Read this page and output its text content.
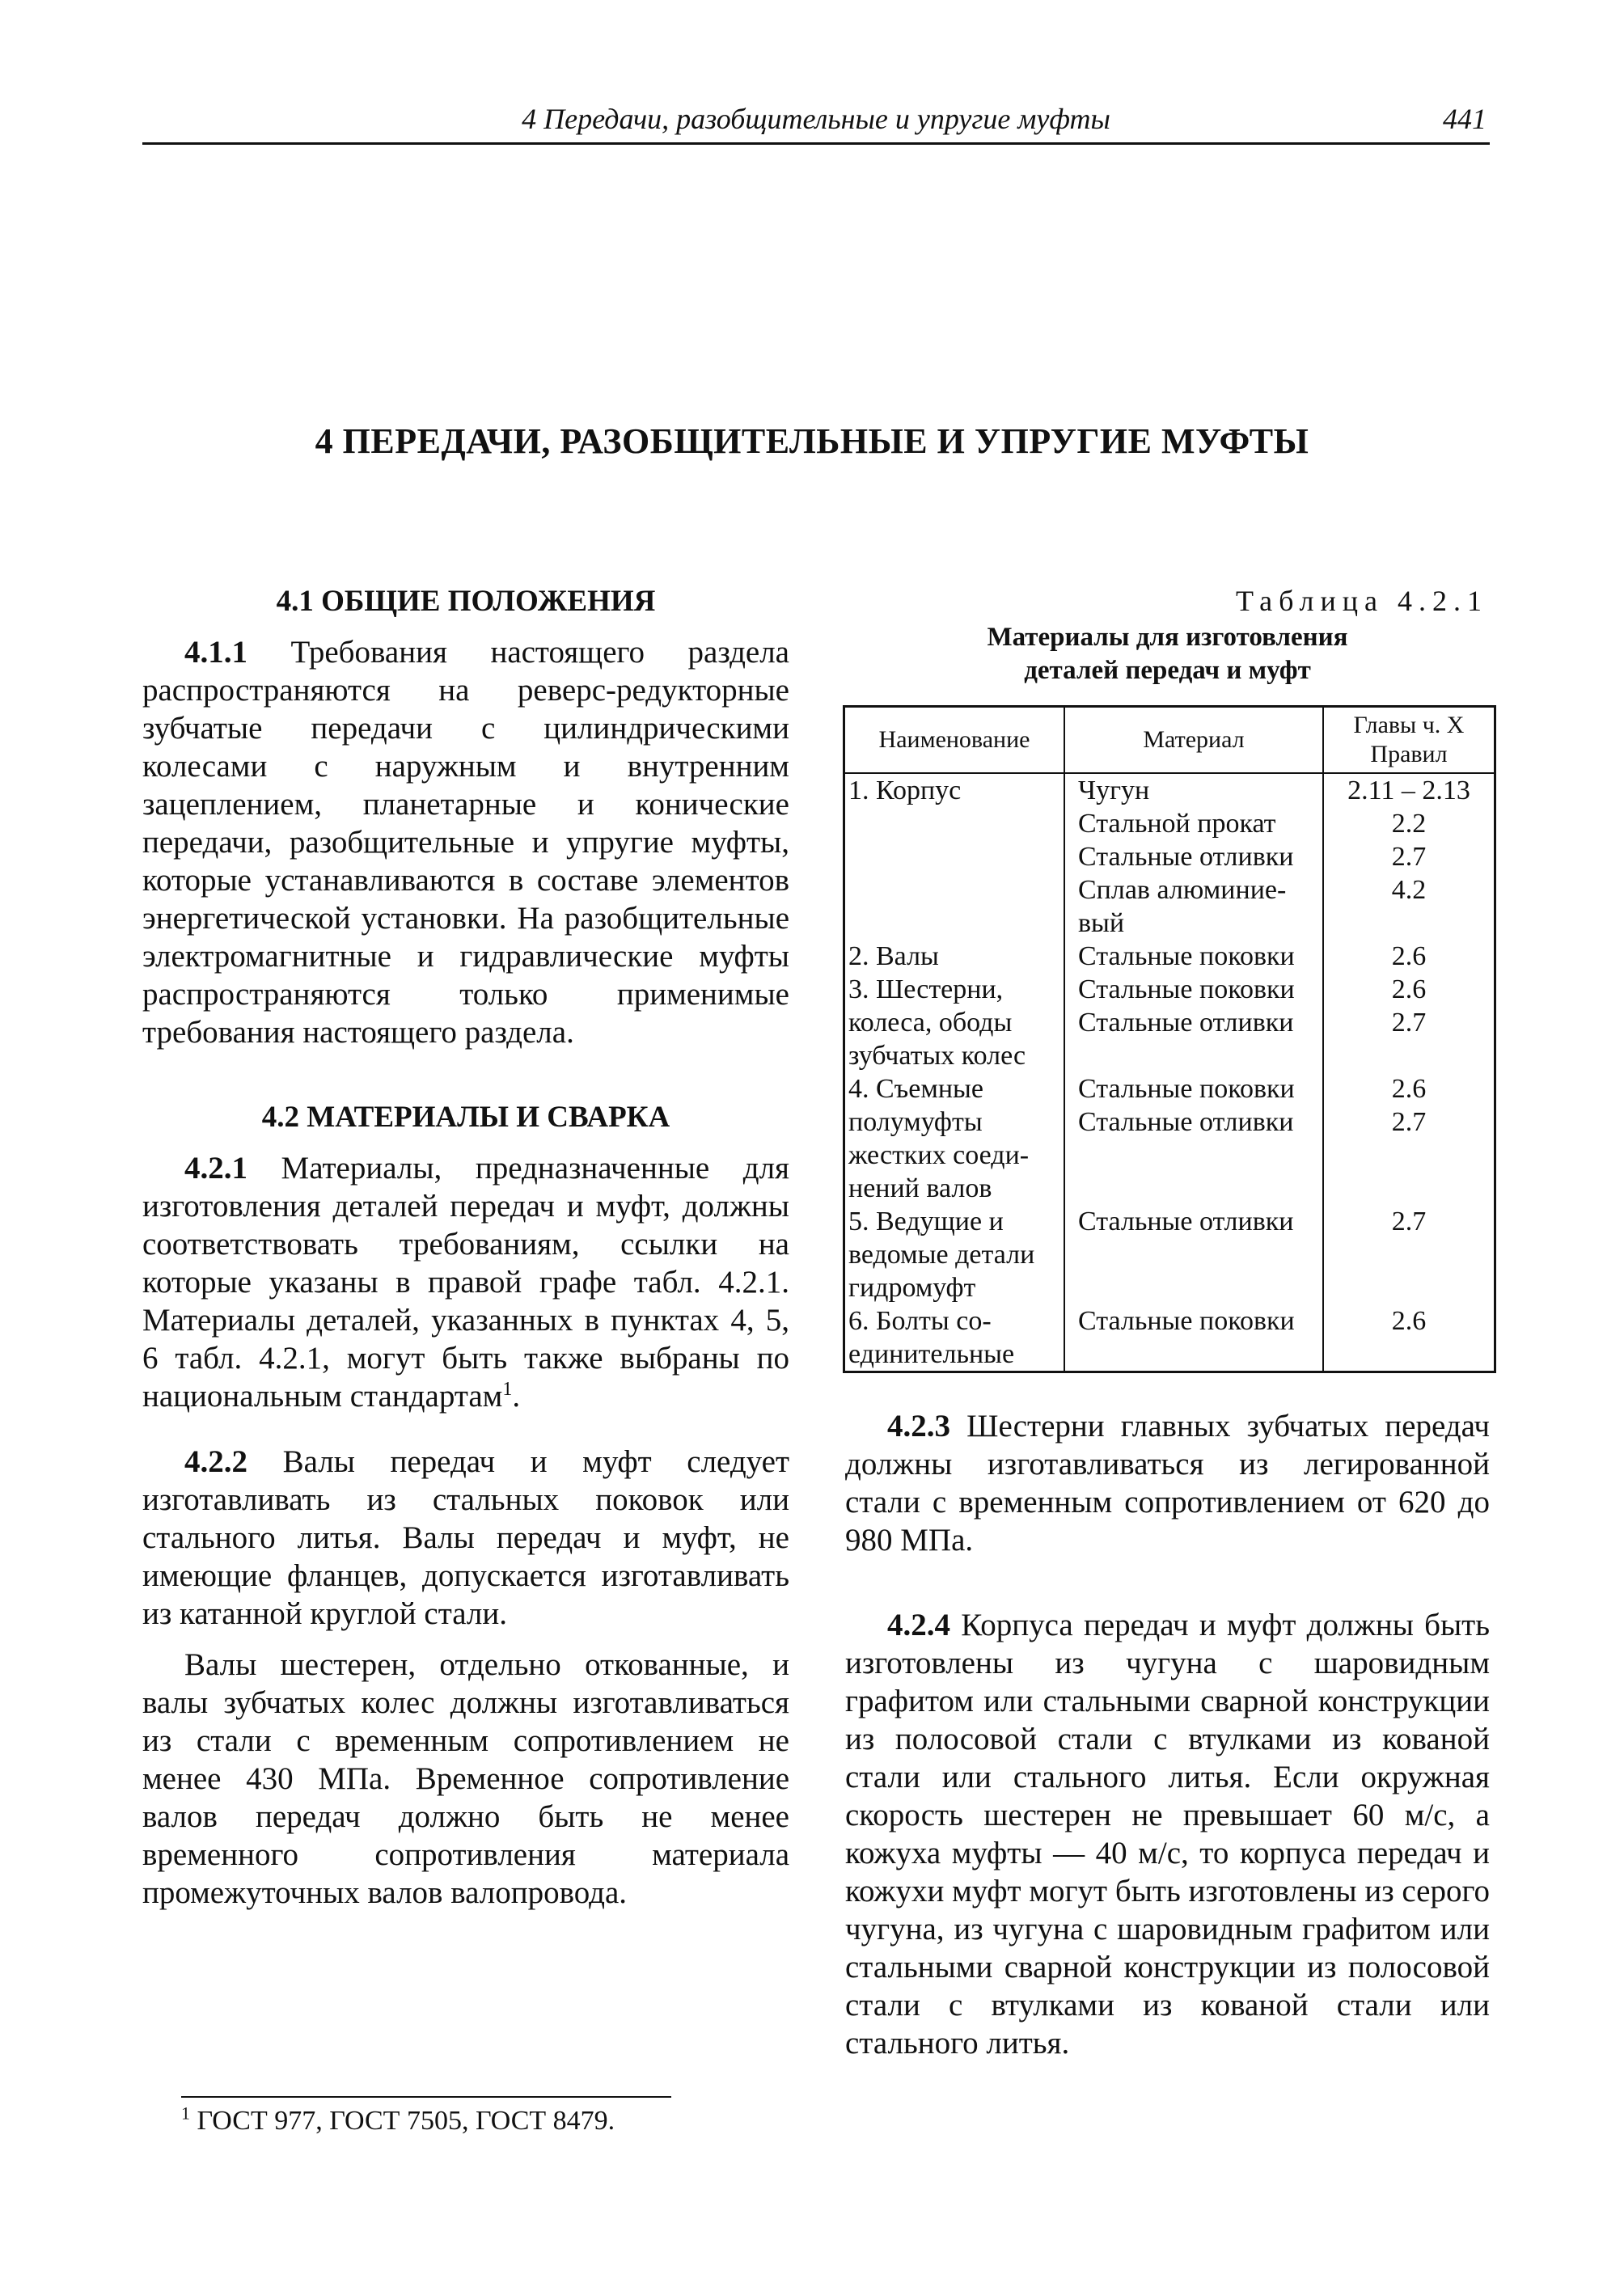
4 Передачи, разобщительные и упругие муфты	441
4 ПЕРЕДАЧИ, РАЗОБЩИТЕЛЬНЫЕ И УПРУГИЕ МУФТЫ
4.1 ОБЩИЕ ПОЛОЖЕНИЯ

4.1.1 Требования настоящего раздела распространяются на реверс-редукторные зубчатые передачи с цилиндрическими колесами с наружным и внутренним зацеплением, планетарные и конические передачи, разобщительные и упругие муфты, которые устанавливаются в составе элементов энергетической установки. На разобщительные электромагнитные и гидравлические муфты распространяются только применимые требования настоящего раздела.

4.2 МАТЕРИАЛЫ И СВАРКА

4.2.1 Материалы, предназначенные для изготовления деталей передач и муфт, должны соответствовать требованиям, ссылки на которые указаны в правой графе табл. 4.2.1. Материалы деталей, указанных в пунктах 4, 5, 6 табл. 4.2.1, могут быть также выбраны по национальным стандартам$^1$.

4.2.2 Валы передач и муфт следует изготавливать из стальных поковок или стального литья. Валы передач и муфт, не имеющие фланцев, допускается изготавливать из катанной круглой стали.

Валы шестерен, отдельно откованные, и валы зубчатых колес должны изготавливаться из стали с временным сопротивлением не менее 430 МПа. Временное сопротивление валов передач должно быть не менее временного сопротивления материала промежуточных валов валопровода.

Таблица 4.2.1
Материалы для изготовления
деталей передач и муфт
Наименование	Материал	Главы ч. X Правил
1. Корпус	Чугун	2.11 – 2.13
	Стальной прокат	2.2
	Стальные отливки	2.7
	Сплав алюминие-	4.2
	вый	
2. Валы	Стальные поковки	2.6
3. Шестерни,	Стальные поковки	2.6
колеса, ободы	Стальные отливки	2.7
зубчатых колес		
4. Съемные	Стальные поковки	2.6
полумуфты	Стальные отливки	2.7
жестких соеди-		
нений валов		
5. Ведущие и	Стальные отливки	2.7
ведомые детали		
гидромуфт		
6. Болты со-	Стальные поковки	2.6
единительные		

4.2.3 Шестерни главных зубчатых передач должны изготавливаться из легированной стали с временным сопротивлением от 620 до 980 МПа.

4.2.4 Корпуса передач и муфт должны быть изготовлены из чугуна с шаровидным графитом или стальными сварной конструкции из полосовой стали с втулками из кованой стали или стального литья. Если окружная скорость шестерен не превышает 60 м/с, а кожуха муфты — 40 м/с, то корпуса передач и кожухи муфт могут быть изготовлены из серого чугуна, из чугуна с шаровидным графитом или стальными сварной конструкции из полосовой стали с втулками из кованой стали или стального литья.

$^1$ ГОСТ 977, ГОСТ 7505, ГОСТ 8479.
